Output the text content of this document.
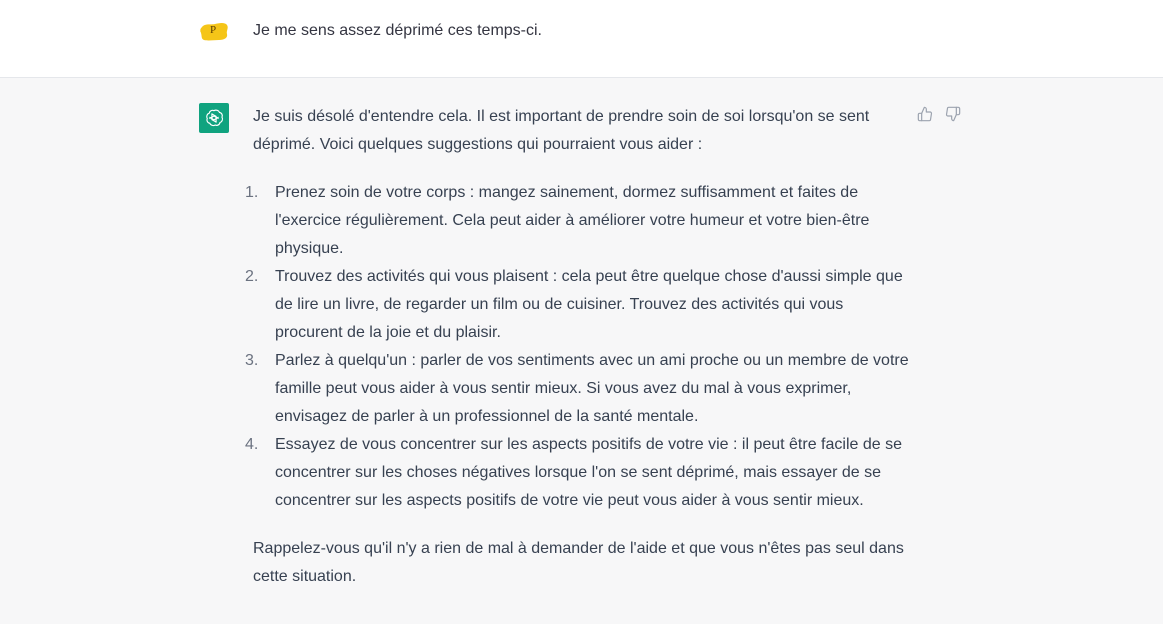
P Je me sens assez déprimé ces temps-ci.

Je suis désolé d'entendre cela. Il est important de prendre soin de soi lorsqu'on se sent déprimé. Voici quelques suggestions qui pourraient vous aider :

1.	Prenez soin de votre corps : mangez sainement, dormez suffisamment et faites de l'exercice régulièrement. Cela peut aider à améliorer votre humeur et votre bien-être physique.
2.	Trouvez des activités qui vous plaisent : cela peut être quelque chose d'aussi simple que de lire un livre, de regarder un film ou de cuisiner. Trouvez des activités qui vous procurent de la joie et du plaisir.
3.	Parlez à quelqu'un : parler de vos sentiments avec un ami proche ou un membre de votre famille peut vous aider à vous sentir mieux. Si vous avez du mal à vous exprimer, envisagez de parler à un professionnel de la santé mentale.
4.	Essayez de vous concentrer sur les aspects positifs de votre vie : il peut être facile de se concentrer sur les choses négatives lorsque l'on se sent déprimé, mais essayer de se concentrer sur les aspects positifs de votre vie peut vous aider à vous sentir mieux.

Rappelez-vous qu'il n'y a rien de mal à demander de l'aide et que vous n'êtes pas seul dans cette situation.
